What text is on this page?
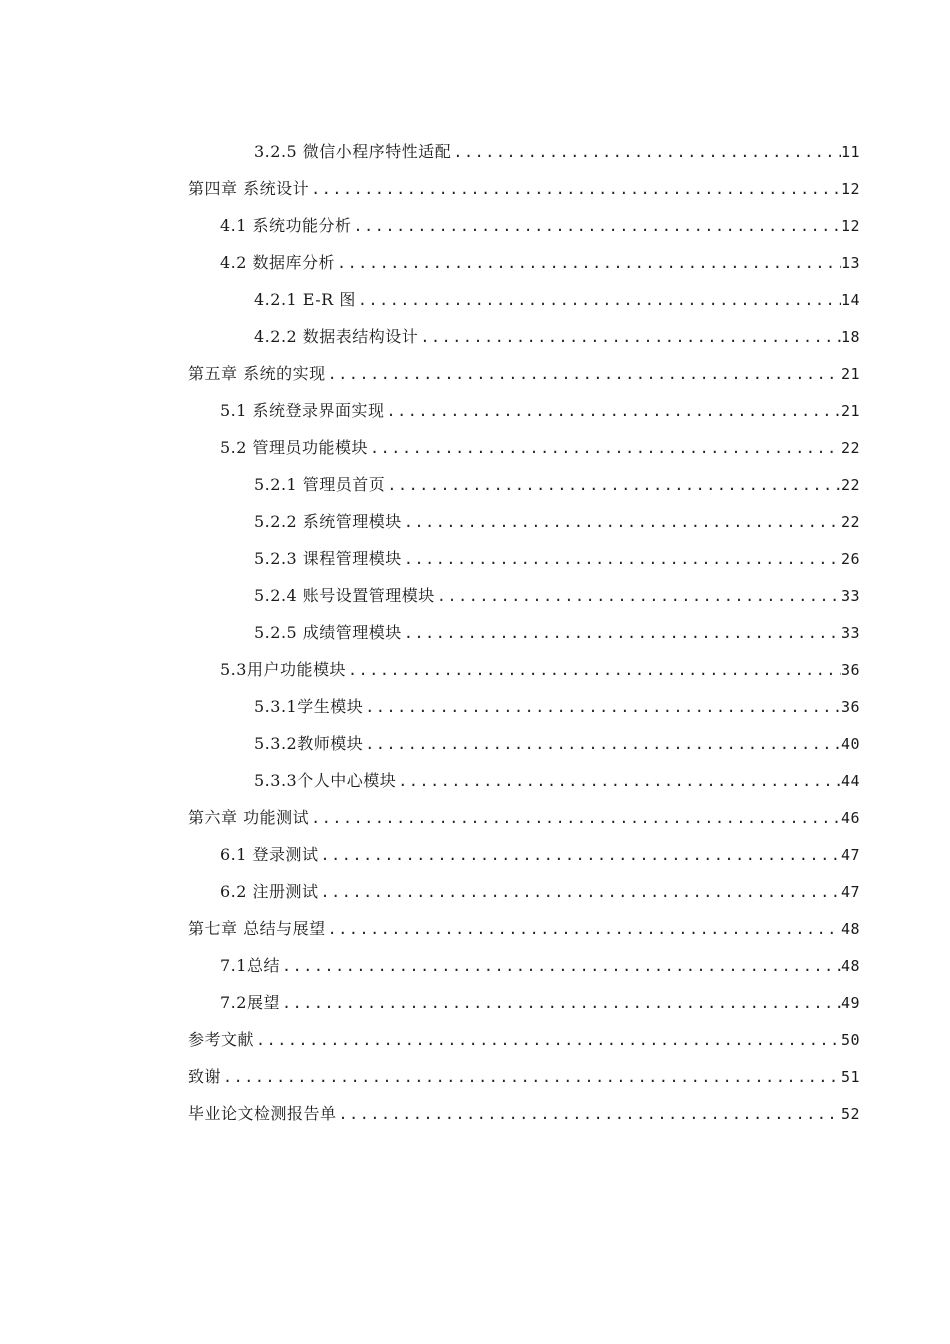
3.2.5 微信小程序特性适配 .....	11
第四章 系统设计 .....	12
4.1 系统功能分析 .....	12
4.2 数据库分析 .....	13
4.2.1 E-R 图 .....	14
4.2.2 数据表结构设计 .....	18
第五章 系统的实现 .....	21
5.1 系统登录界面实现 .....	21
5.2 管理员功能模块 .....	22
5.2.1 管理员首页 .....	22
5.2.2 系统管理模块 .....	22
5.2.3 课程管理模块 .....	26
5.2.4 账号设置管理模块 .....	33
5.2.5 成绩管理模块 .....	33
5.3用户功能模块 .....	36
5.3.1学生模块 .....	36
5.3.2教师模块 .....	40
5.3.3个人中心模块 .....	44
第六章 功能测试 .....	46
6.1 登录测试 .....	47
6.2 注册测试 .....	47
第七章 总结与展望 .....	48
7.1总结 .....	48
7.2展望 .....	49
参考文献 .....	50
致谢 .....	51
毕业论文检测报告单 .....	52
